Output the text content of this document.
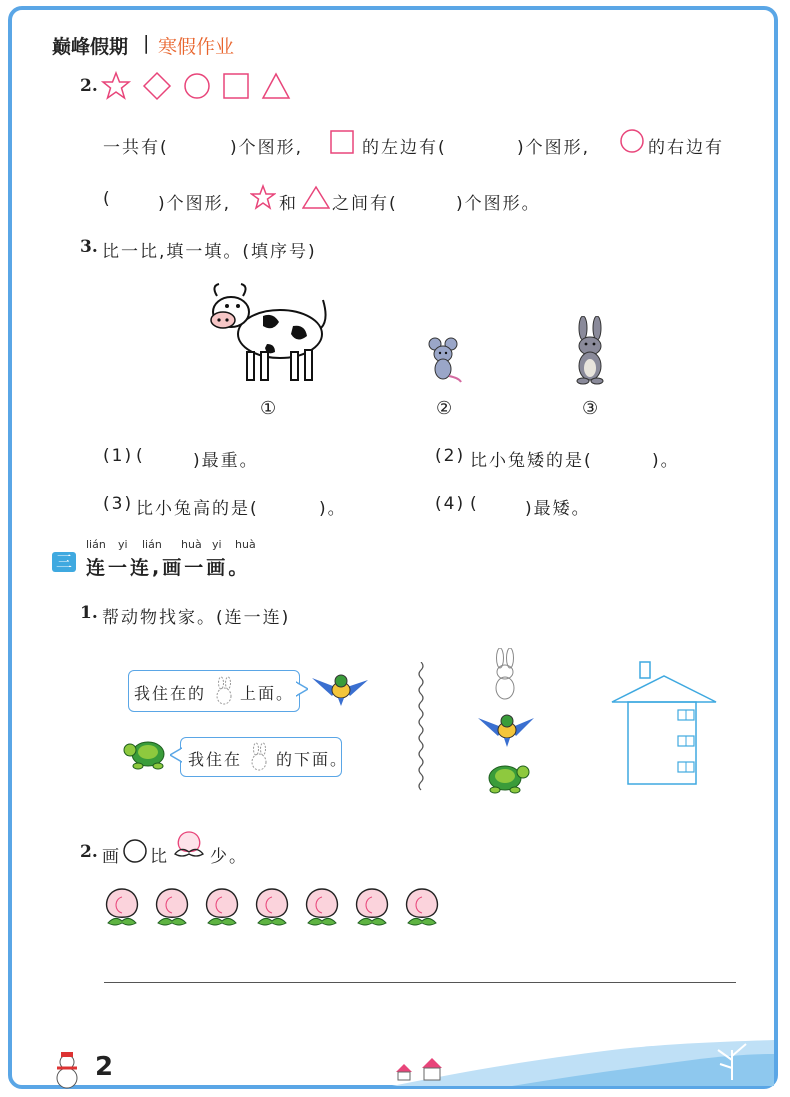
巅峰假期 | 寒假作业
2.
一共有(	)个图形,	的左边有(	)个图形,	的右边有
(	)个图形,	和 之间有(	)个图形。
3. 比一比,填一填。(填序号)
①	②	③
(1) (	)最重。	(2) 比小兔矮的是(	)。
(3) 比小兔高的是(	)。	(4) (	)最矮。
lián yi lián huà yi huà
三 连一连,画一画。
1. 帮动物找家。(连一连)
我住在的 上面。
我住在 的下面。
2. 画 比 少。
2
